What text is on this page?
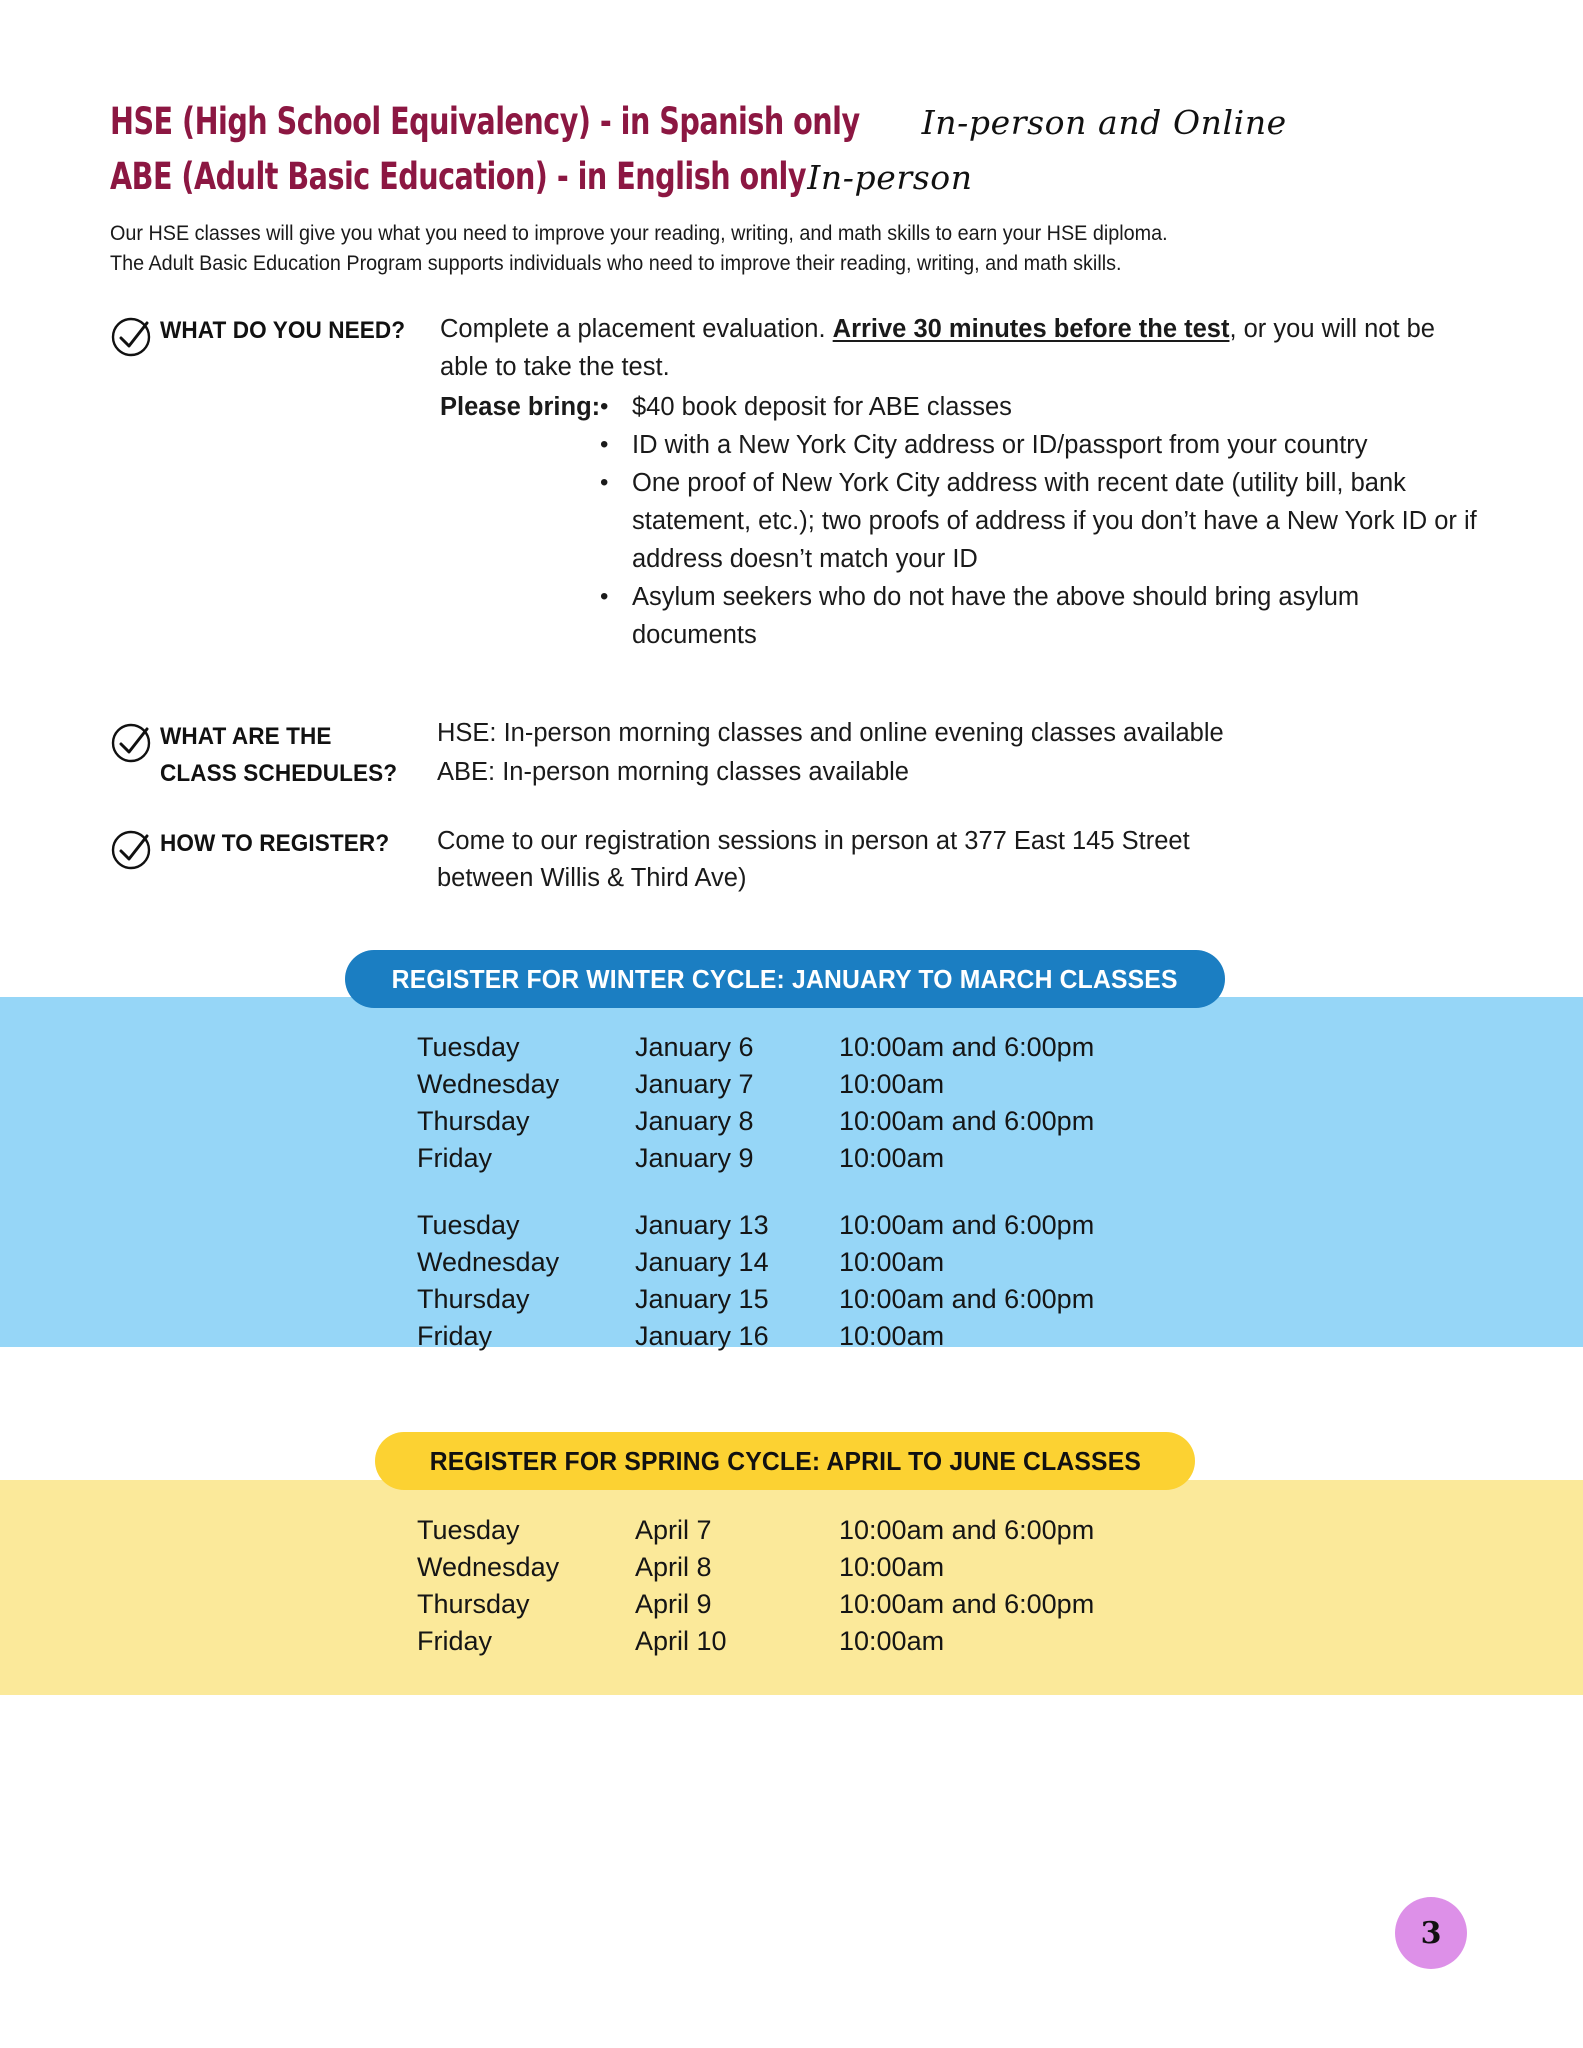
HSE (High School Equivalency) - in Spanish only In-person and Online
ABE (Adult Basic Education) - in English only In-person
Our HSE classes will give you what you need to improve your reading, writing, and math skills to earn your HSE diploma.
The Adult Basic Education Program supports individuals who need to improve their reading, writing, and math skills.
WHAT DO YOU NEED? Complete a placement evaluation. Arrive 30 minutes before the test, or you will not be able to take the test.
Please bring: • $40 book deposit for ABE classes
• ID with a New York City address or ID/passport from your country
• One proof of New York City address with recent date (utility bill, bank statement, etc.); two proofs of address if you don’t have a New York ID or if address doesn’t match your ID
• Asylum seekers who do not have the above should bring asylum documents
WHAT ARE THE
CLASS SCHEDULES?
HSE: In-person morning classes and online evening classes available
ABE: In-person morning classes available
HOW TO REGISTER? Come to our registration sessions in person at 377 East 145 Street
between Willis & Third Ave)
REGISTER FOR WINTER CYCLE: JANUARY TO MARCH CLASSES
Tuesday	January 6	10:00am and 6:00pm
Wednesday	January 7	10:00am
Thursday	January 8	10:00am and 6:00pm
Friday	January 9	10:00am
Tuesday	January 13	10:00am and 6:00pm
Wednesday	January 14	10:00am
Thursday	January 15	10:00am and 6:00pm
Friday	January 16	10:00am
REGISTER FOR SPRING CYCLE: APRIL TO JUNE CLASSES
Tuesday	April 7	10:00am and 6:00pm
Wednesday	April 8	10:00am
Thursday	April 9	10:00am and 6:00pm
Friday	April 10	10:00am
3
